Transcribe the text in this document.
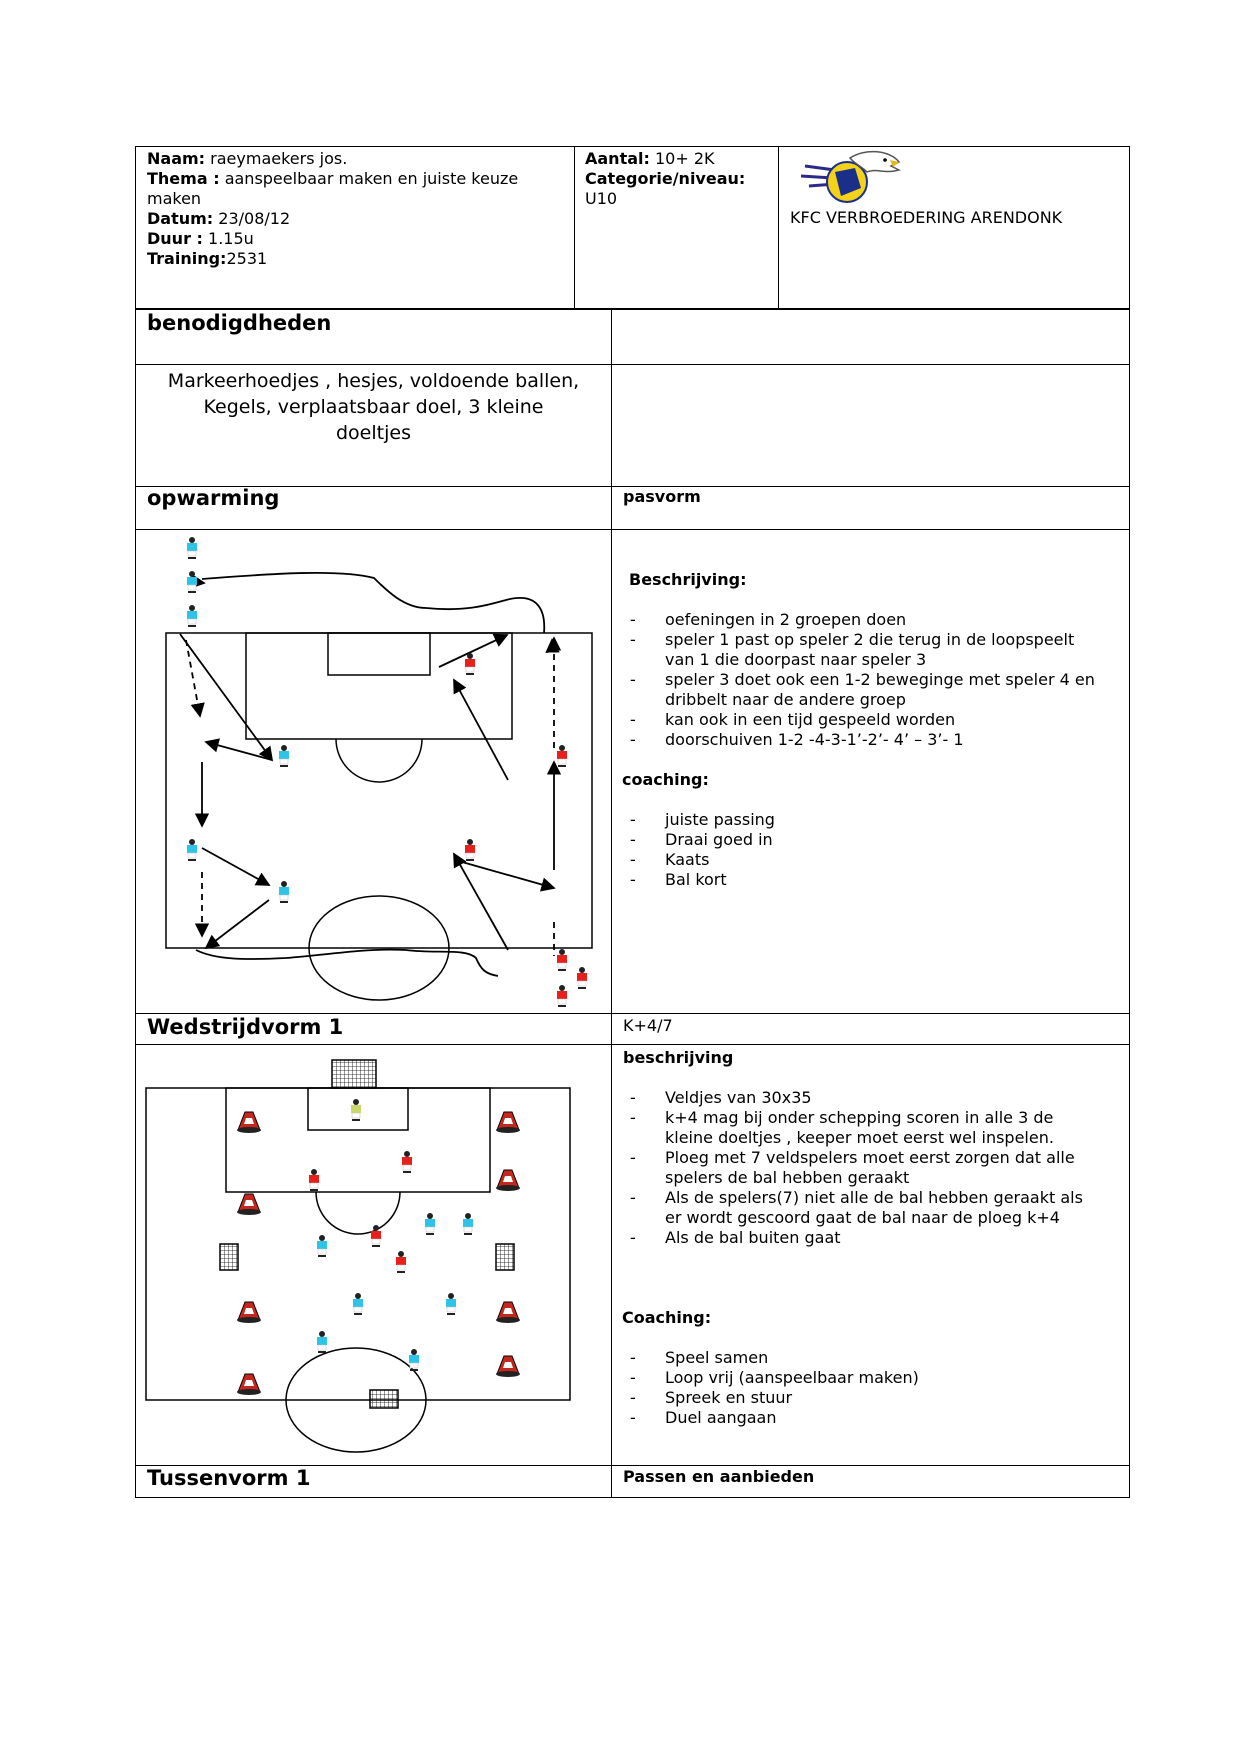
Naam: raeymaekers jos.
Thema : aanspeelbaar maken en juiste keuze
maken
Datum: 23/08/12
Duur : 1.15u
Training:2531
Aantal: 10+ 2K
Categorie/niveau:
U10
KFC VERBROEDERING ARENDONK
benodigdheden
Markeerhoedjes , hesjes, voldoende ballen,
Kegels, verplaatsbaar doel, 3 kleine
doeltjes
opwarming	pasvorm
Beschrijving:
- oefeningen in 2 groepen doen
- speler 1 past op speler 2 die terug in de loopspeelt
van 1 die doorpast naar speler 3
- speler 3 doet ook een 1-2 beweginge met speler 4 en
dribbelt naar de andere groep
- kan ook in een tijd gespeeld worden
- doorschuiven 1-2 -4-3-1’-2’- 4’ – 3’- 1
coaching:
- juiste passing
- Draai goed in
- Kaats
- Bal kort
Wedstrijdvorm 1	K+4/7
beschrijving
- Veldjes van 30x35
- k+4 mag bij onder schepping scoren in alle 3 de
kleine doeltjes , keeper moet eerst wel inspelen.
- Ploeg met 7 veldspelers moet eerst zorgen dat alle
spelers de bal hebben geraakt
- Als de spelers(7) niet alle de bal hebben geraakt als
er wordt gescoord gaat de bal naar de ploeg k+4
- Als de bal buiten gaat
Coaching:
- Speel samen
- Loop vrij (aanspeelbaar maken)
- Spreek en stuur
- Duel aangaan
Tussenvorm 1	Passen en aanbieden
